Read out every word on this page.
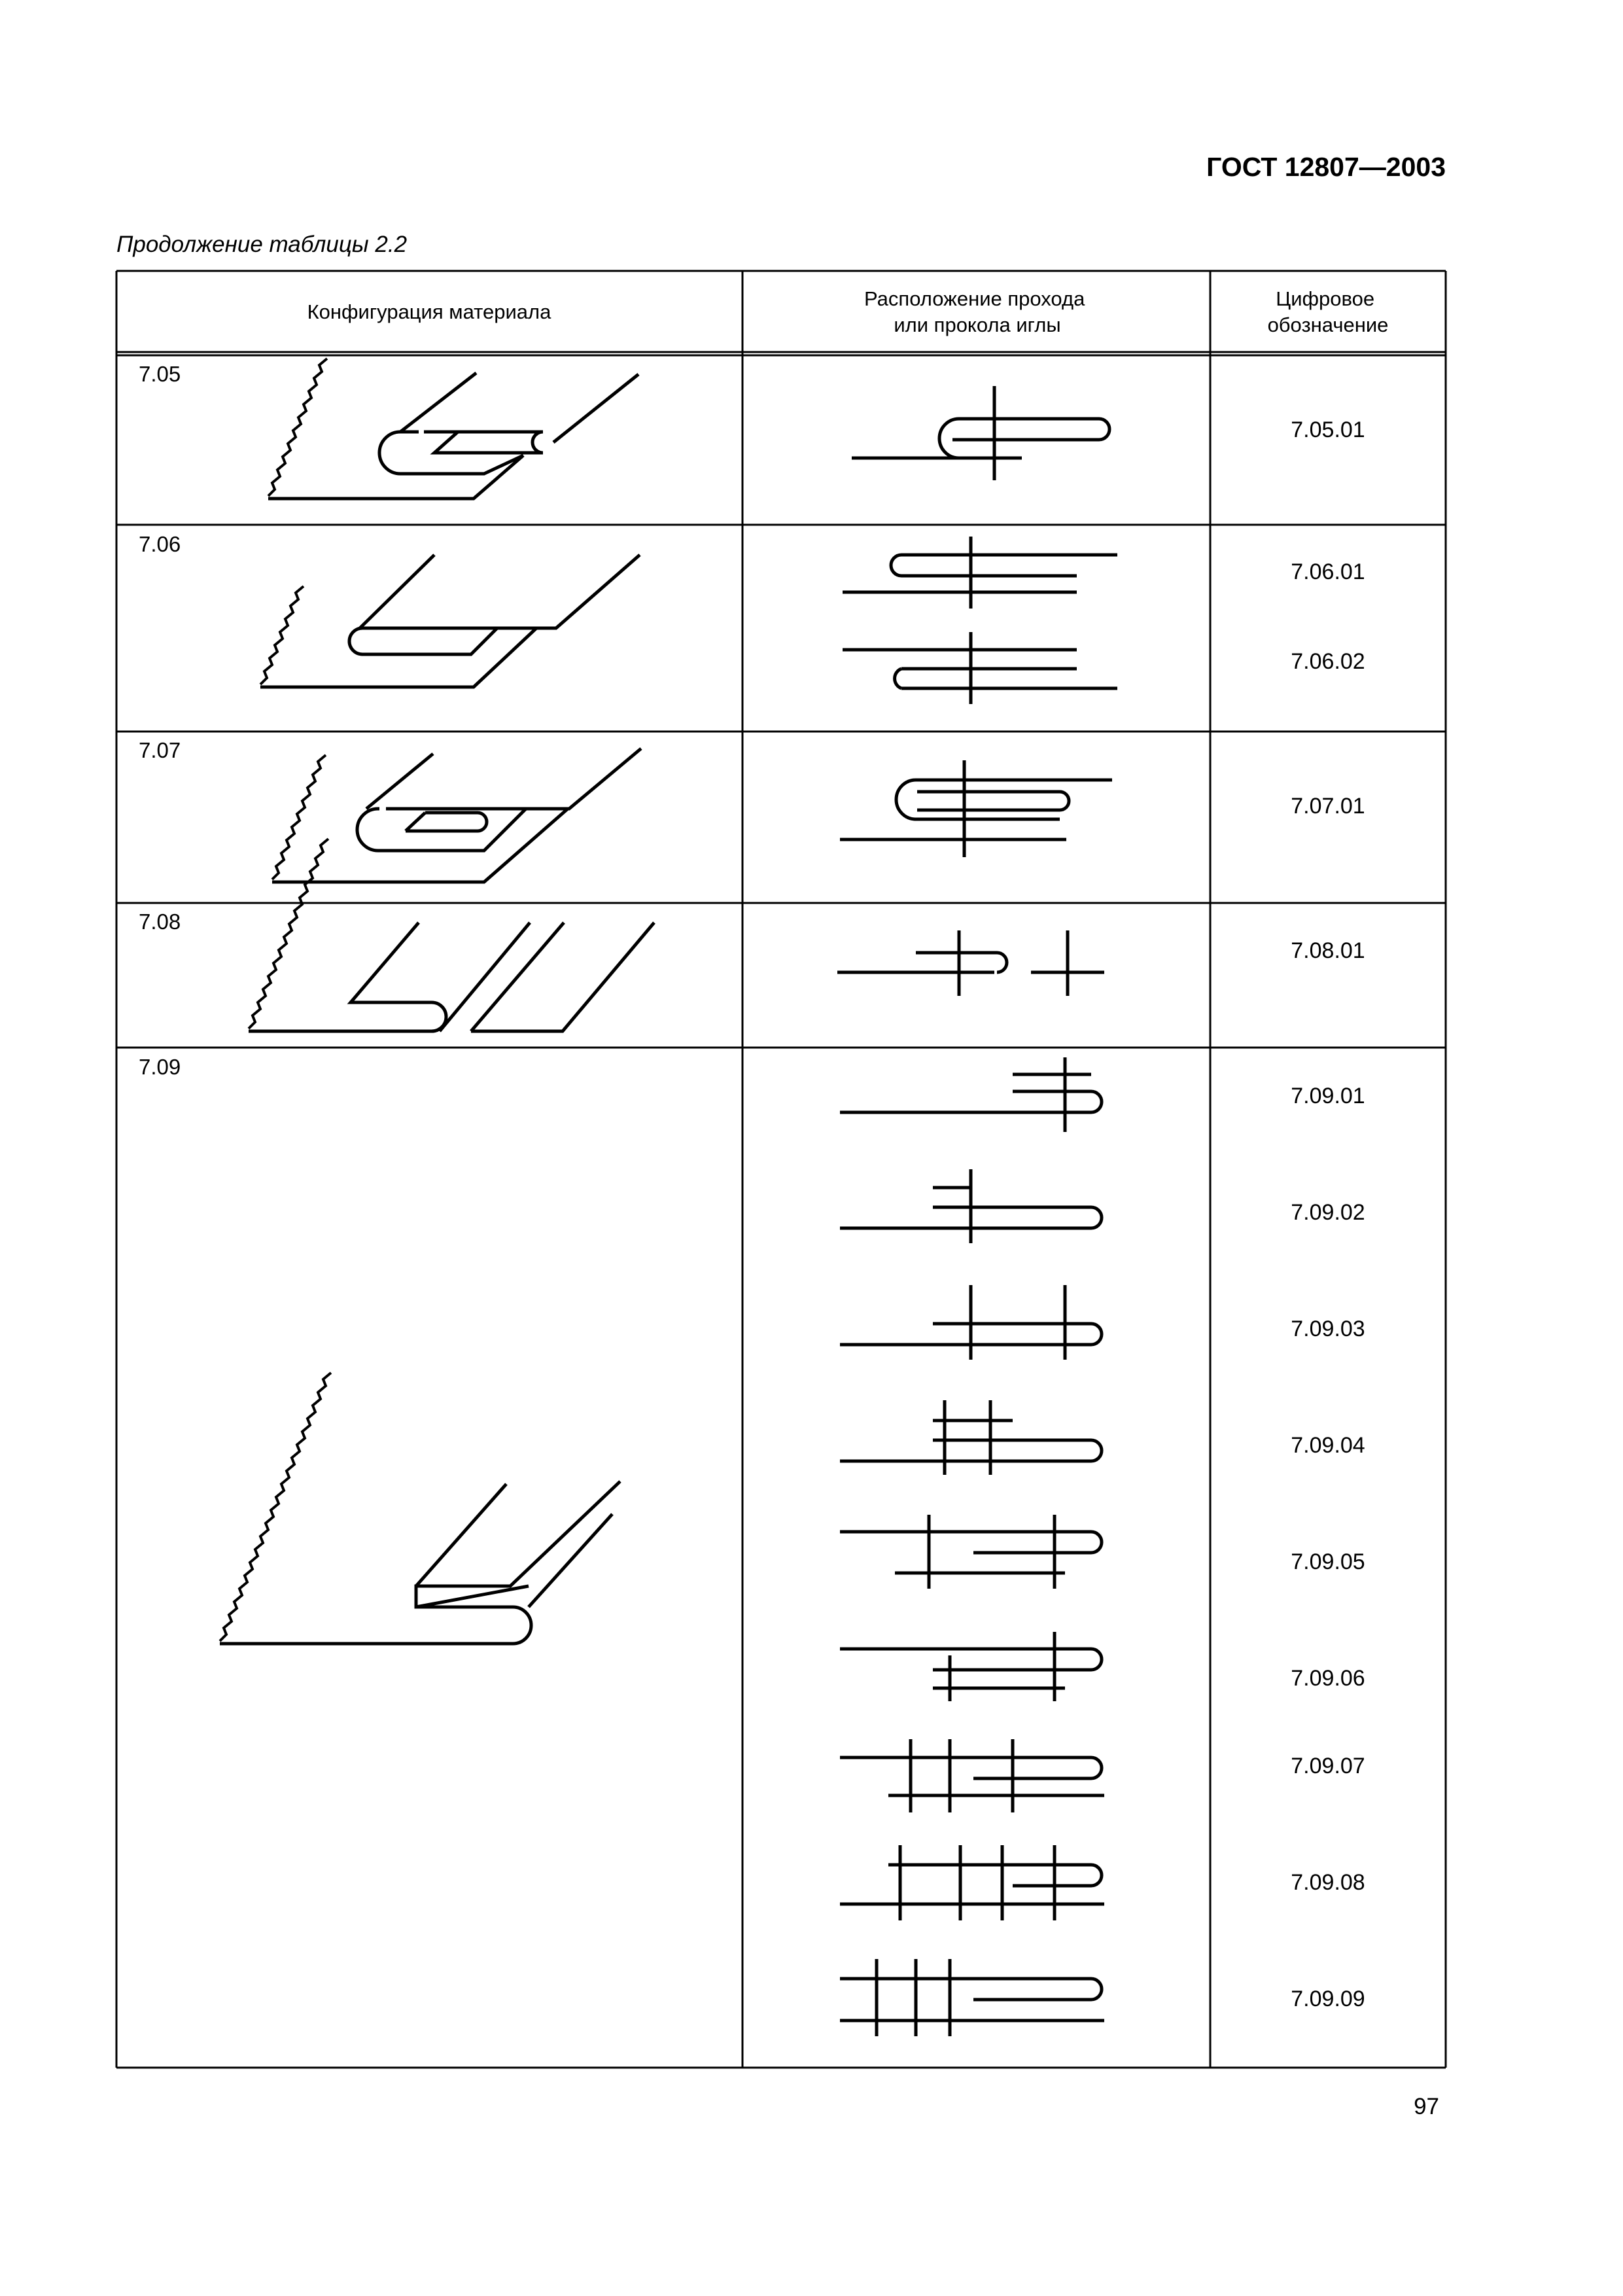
ГОСТ 12807—2003
Продолжение таблицы 2.2
Конфигурация материала
Расположение прохода или прокола иглы
Цифровое обозначение
7.05
7.06
7.07
7.08
7.09
7.05.01
7.06.01
7.06.02
7.07.01
7.08.01
7.09.01
7.09.02
7.09.03
7.09.04
7.09.05
7.09.06
7.09.07
7.09.08
7.09.09
97
